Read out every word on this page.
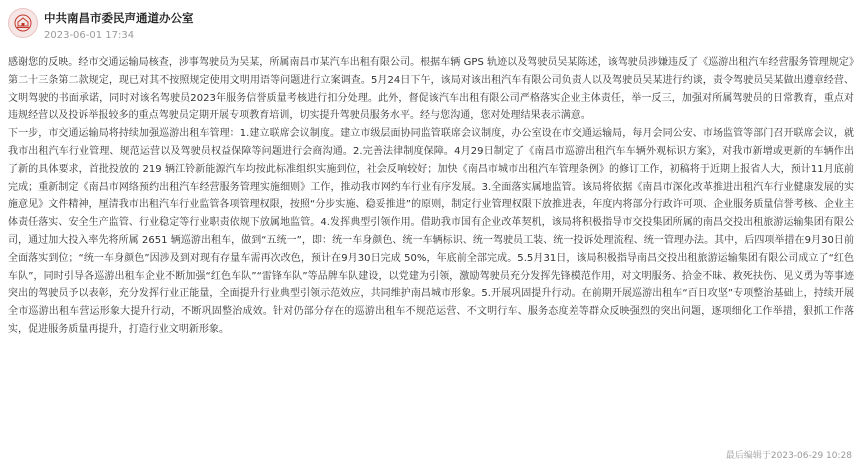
中共南昌市委民声通道办公室
2023-06-01 17:34

感谢您的反映。经市交通运输局核查，涉事驾驶员为吴某，所属南昌市某汽车出租有限公司。根据车辆 GPS 轨迹以及驾驶员吴某陈述，该驾驶员涉嫌违反了《巡游出租汽车经营服务管理规定》第二十三条第二款规定，现已对其不按照规定使用文明用语等问题进行立案调查。5月24日下午，该局对该出租汽车有限公司负责人以及驾驶员吴某进行约谈，责令驾驶员吴某做出遵章经营、文明驾驶的书面承诺，同时对该名驾驶员2023年服务信誉质量考核进行扣分处理。此外，督促该汽车出租有限公司严格落实企业主体责任，举一反三，加强对所属驾驶员的日常教育，重点对违规经营以及投诉举报较多的重点驾驶员定期开展专项教育培训，切实提升驾驶员服务水平。经与您沟通，您对处理结果表示满意。

下一步，市交通运输局将持续加强巡游出租车管理：1.建立联席会议制度。建立市级层面协同监管联席会议制度，办公室设在市交通运输局，每月会同公安、市场监管等部门召开联席会议，就我市出租汽车行业管理、规范运营以及驾驶员权益保障等问题进行会商沟通。2.完善法律制度保障。4月29日制定了《南昌市巡游出租汽车车辆外观标识方案》，对我市新增或更新的车辆作出了新的具体要求，首批投放的 219 辆江铃新能源汽车均按此标准组织实施到位，社会反响较好；加快《南昌市城市出租汽车管理条例》的修订工作，初稿将于近期上报省人大，预计11月底前完成；重新制定《南昌市网络预约出租汽车经营服务管理实施细则》工作，推动我市网约车行业有序发展。3.全面落实属地监管。该局将依据《南昌市深化改革推进出租汽车行业健康发展的实施意见》文件精神，厘清我市出租汽车行业监管各项管理权限，按照“分步实施、稳妥推进”的原则，制定行业管理权限下放推进表，年度内将部分行政许可项、企业服务质量信誉考核、企业主体责任落实、安全生产监管、行业稳定等行业职责依规下放属地监管。4.发挥典型引领作用。借助我市国有企业改革契机，该局将积极指导市交投集团所属的南昌交投出租旅游运输集团有限公司，通过加大投入率先将所属 2651 辆巡游出租车，做到“五统一”，即：统一车身颜色、统一车辆标识、统一驾驶员工装、统一投诉处理流程、统一管理办法。其中，后四项举措在9月30日前全面落实到位；“统一车身颜色”因涉及到对现有存量车需再次改色，预计在9月30日完成 50%，年底前全部完成。5.5月31日，该局积极指导南昌交投出租旅游运输集团有限公司成立了“红色车队”，同时引导各巡游出租车企业不断加强“红色车队”“雷锋车队”等品牌车队建设，以党建为引领，激励驾驶员充分发挥先锋模范作用，对文明服务、拾金不昧、救死扶伤、见义勇为等事迹突出的驾驶员予以表彰，充分发挥行业正能量，全面提升行业典型引领示范效应，共同维护南昌城市形象。5.开展巩固提升行动。在前期开展巡游出租车“百日攻坚”专项整治基础上，持续开展全市巡游出租车营运形象大提升行动，不断巩固整治成效。针对仍部分存在的巡游出租车不规范运营、不文明行车、服务态度差等群众反映强烈的突出问题，逐项细化工作举措，狠抓工作落实，促进服务质量再提升，打造行业文明新形象。

最后编辑于2023-06-29 10:28
